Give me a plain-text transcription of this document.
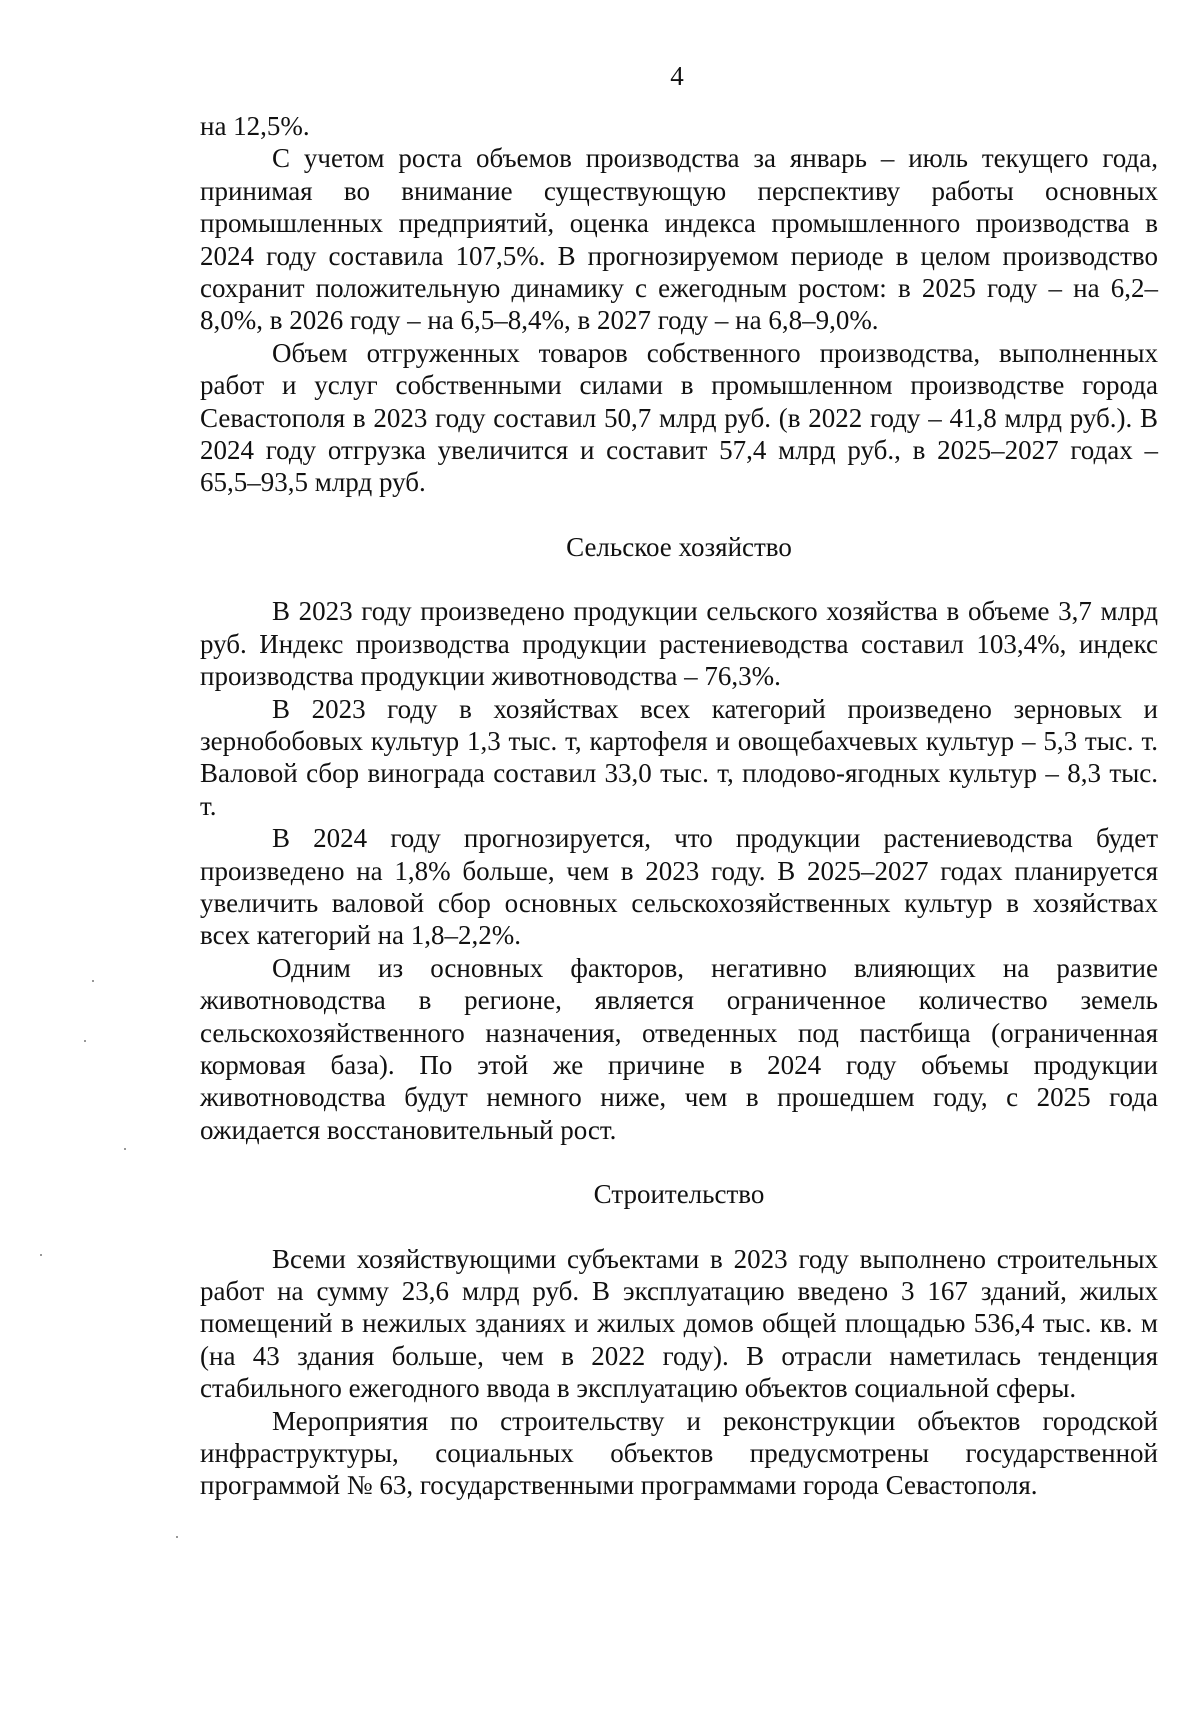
4

на 12,5%.

С учетом роста объемов производства за январь – июль текущего года, принимая во внимание существующую перспективу работы основных промышленных предприятий, оценка индекса промышленного производства в 2024 году составила 107,5%. В прогнозируемом периоде в целом производство сохранит положительную динамику с ежегодным ростом: в 2025 году – на 6,2–8,0%, в 2026 году – на 6,5–8,4%, в 2027 году – на 6,8–9,0%.

Объем отгруженных товаров собственного производства, выполненных работ и услуг собственными силами в промышленном производстве города Севастополя в 2023 году составил 50,7 млрд руб. (в 2022 году – 41,8 млрд руб.). В 2024 году отгрузка увеличится и составит 57,4 млрд руб., в 2025–2027 годах – 65,5–93,5 млрд руб.

Сельское хозяйство

В 2023 году произведено продукции сельского хозяйства в объеме 3,7 млрд руб. Индекс производства продукции растениеводства составил 103,4%, индекс производства продукции животноводства – 76,3%.

В 2023 году в хозяйствах всех категорий произведено зерновых и зернобобовых культур 1,3 тыс. т, картофеля и овощебахчевых культур – 5,3 тыс. т. Валовой сбор винограда составил 33,0 тыс. т, плодово-ягодных культур – 8,3 тыс. т.

В 2024 году прогнозируется, что продукции растениеводства будет произведено на 1,8% больше, чем в 2023 году. В 2025–2027 годах планируется увеличить валовой сбор основных сельскохозяйственных культур в хозяйствах всех категорий на 1,8–2,2%.

Одним из основных факторов, негативно влияющих на развитие животноводства в регионе, является ограниченное количество земель сельскохозяйственного назначения, отведенных под пастбища (ограниченная кормовая база). По этой же причине в 2024 году объемы продукции животноводства будут немного ниже, чем в прошедшем году, с 2025 года ожидается восстановительный рост.

Строительство

Всеми хозяйствующими субъектами в 2023 году выполнено строительных работ на сумму 23,6 млрд руб. В эксплуатацию введено 3 167 зданий, жилых помещений в нежилых зданиях и жилых домов общей площадью 536,4 тыс. кв. м (на 43 здания больше, чем в 2022 году). В отрасли наметилась тенденция стабильного ежегодного ввода в эксплуатацию объектов социальной сферы.

Мероприятия по строительству и реконструкции объектов городской инфраструктуры, социальных объектов предусмотрены государственной программой № 63, государственными программами города Севастополя.
